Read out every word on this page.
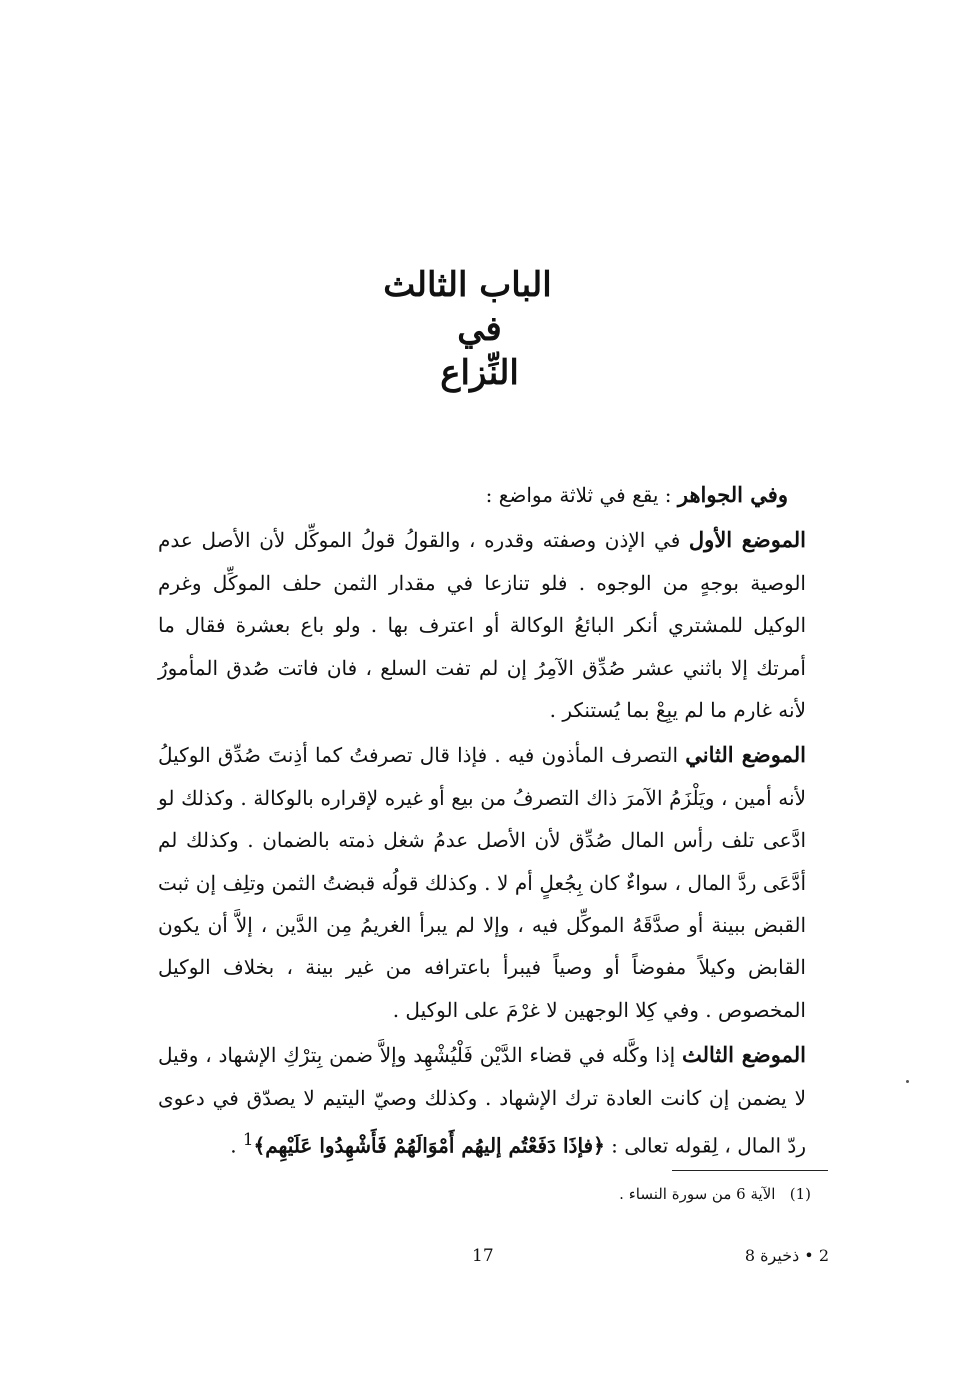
الباب الثالث

في

النِّزاع

وفي الجواهر : يقع في ثلاثة مواضع :

الموضع الأول في الإذن وصفته وقدره ، والقولُ قولُ الموكِّل لأن الأصل عدم الوصية بوجهٍ من الوجوه . فلو تنازعا في مقدار الثمن حلف الموكِّل وغرم الوكيل للمشتري أنكر البائعُ الوكالة أو اعترف بها . ولو باع بعشرة فقال ما أمرتك إلا باثني عشر صُدِّق الآمِرُ إن لم تفت السلع ، فان فاتت صُدق المأمورُ لأنه غارم ما لم يبِعْ بما يُستنكر .

الموضع الثاني التصرف المأذون فيه . فإذا قال تصرفتُ كما أذِنتَ صُدِّق الوكيلُ لأنه أمين ، ويَلْزَمُ الآمرَ ذاك التصرفُ من بيع أو غيره لإقراره بالوكالة . وكذلك لو ادَّعى تلف رأس المال صُدِّق لأن الأصل عدمُ شغل ذمته بالضمان . وكذلك لم أدَّعَى ردَّ المال ، سواءٌ كان بِجُعلٍ أم لا . وكذلك قولُه قبضتُ الثمن وتلِف إن ثبت القبض ببينة أو صدَّقَهُ الموكِّل فيه ، وإلا لم يبرأ الغريمُ مِن الدَّين ، إلاَّ أن يكون القابض وكيلاً مفوضاً أو وصياً فيبرأ باعترافه من غير بينة ، بخلاف الوكيل المخصوص . وفي كِلا الوجهين لا غرْمَ على الوكيل .

الموضع الثالث إذا وكَّله في قضاء الدَّيْن فَلْيُشْهِد وإلاَّ ضمن بِترْكِ الإشهاد ، وقيل لا يضمن إن كانت العادة ترك الإشهاد . وكذلك وصيّ اليتيم لا يصدّق في دعوى ردّ المال ، لِقوله تعالى : ﴿فإذَا دَفَعْتُم إليهُم أَمْوَالَهُمْ فَأَشْهِدُوا عَلَيْهِم﴾$^1$ .

(1)   الآية 6 من سورة النساء .
17	2 • ذخيرة 8
